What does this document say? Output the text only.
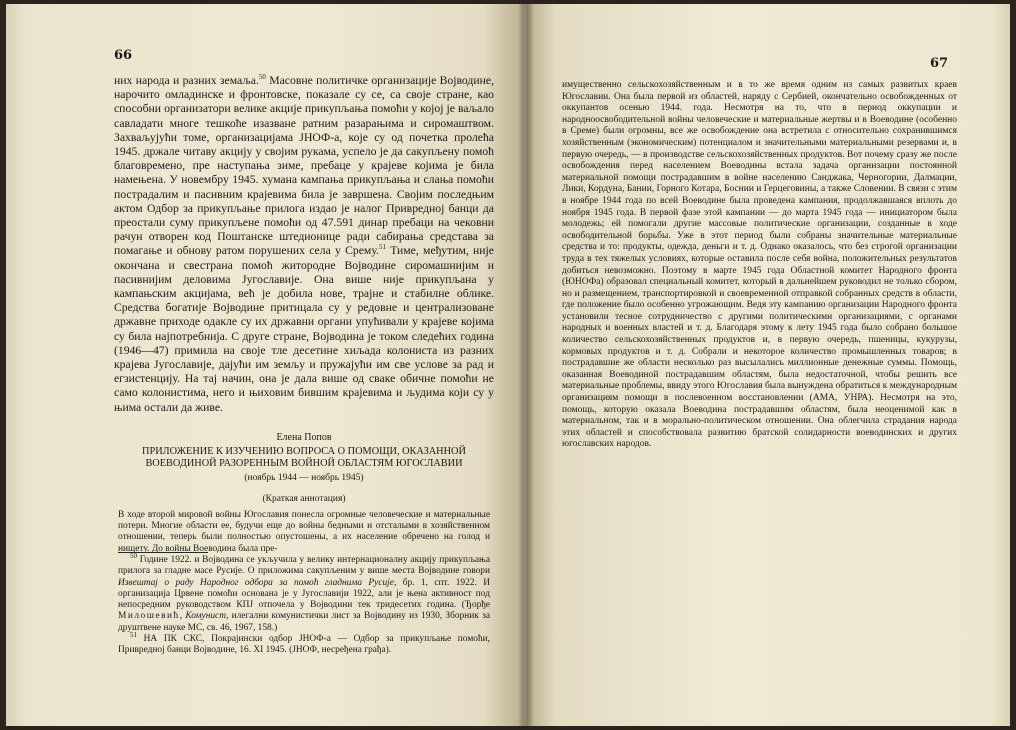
66

них народа и разних земаља.$^{50}$ Масовне политичке организације Војводине, нарочито омладинске и фронтовске, показале су се, са своје стране, као способни организатори велике акције прикупљања помоћи у којој је ваљало савладати многе тешкоће изазване ратним разарањима и сиромаштвом. Захваљујући томе, организацијама ЈНОФ-а, које су од почетка пролећа 1945. држале читаву акцију у својим рукама, успело је да сакупљену помоћ благовремено, пре наступања зиме, пребаце у крајеве којима је била намењена. У новембру 1945. хумана кампања прикупљања и слања помоћи пострадалим и пасивним крајевима била је завршена. Својим последњим актом Одбор за прикупљање прилога издао је налог Привредној банци да преостали суму прикупљене помоћи од 47.591 динар пребаци на чековни рачун отворен код Поштанске штедионице ради сабирања средстава за помагање и обнову ратом порушених села у Срему.$^{51}$ Тиме, међутим, није окончана и свестрана помоћ житороднe Војводине сиромашнијим и пасивнијим деловима Југославије. Она више није прикупљана у кампањским акцијама, већ је добила нове, трајне и стабилне облике. Средства богатије Војводине притицала су у редовне и централизоване државне приходе одакле су их државни органи упућивали у крајеве којима су била најпотребнија. С друге стране, Војводина је током следећих година (1946—47) примила на своје тле десетине хиљада колониста из разних крајева Југославије, дајући им земљу и пружајући им све услове за рад и егзистенцију. На тај начин, она је дала више од сваке обичне помоћи не само колонистима, него и њиховим бившим крајевима и људима који су у њима остали да живе.

Елена Попов
ПРИЛОЖЕНИЕ К ИЗУЧЕНИЮ ВОПРОСА О ПОМОЩИ, ОКАЗАННОЙ ВОЕВОДИНОЙ РАЗОРЕННЫМ ВОЙНОЙ ОБЛАСТЯМ ЮГОСЛАВИИ
(ноябрь 1944 — ноябрь 1945)
(Краткая аннотация)

В ходе второй мировой войны Югославия понесла огромные человеческие и материальные потери. Многие области ее, будучи еще до войны бедными и отсталыми в хозяйственном отношении, теперь были полностью опустошены, а их население обречено на голод и нищету. До войны Воеводина была пре-

$^{50}$ Године 1922. и Војводина се укључила у велику интернационалну акцију прикупљања прилога за гладне масе Русије. О приложима сакупљеним у више места Војводине говори Извештај о раду Народног одбора за помоћ гладнима Русије, бр. 1, спт. 1922. И организација Црвене помоћи основана је у Југославији 1922, али је њена активност под непосредним руководством КПЈ отпочела у Војводини тек тридесетих година. (Ђорђе Милошевић, Комунист, илегални комунистички лист за Војводину из 1930, Зборник за друштвене науке МС, св. 46, 1967, 158.)

$^{51}$ НА ПК СКС, Покрајински одбор ЈНОФ-а — Одбор за прикупљање помоћи, Привредној банци Војводине, 16. XI 1945. (ЈНОФ, несређена грађа).

67

имущественно сельскохозяйственным и в то же время одним из самых развитых краев Югославии. Она была первой из областей, наряду с Сербией, окончательно освобожденных от оккупантов осенью 1944. года. Несмотря на то, что в период оккупации и народноосвободительной войны человеческие и материальные жертвы и в Воеводине (особенно в Среме) были огромны, все же освобождение она встретила с относительно сохранившимся хозяйственным (экономическим) потенциалом и значительными материальными резервами и, в первую очередь, — в производстве сельскохозяйственных продуктов. Вот почему сразу же после освобождения перед населением Воеводины встала задача организации постоянной материальной помощи пострадавшим в войне населению Санджака, Черногории, Далмации, Лики, Кордуна, Бании, Горного Котара, Боснии и Герцеговины, а также Словении. В связи с этим в ноябре 1944 года по всей Воеводине была проведена кампания, продолжавшаяся вплоть до ноября 1945 года. В первой фазе этой кампании — до марта 1945 года — инициатором была молодежь; ей помогали другие массовые политические организации, созданные в ходе освободительной борьбы. Уже в этот период были собраны значительные материальные средства и то: продукты, одежда, деньги и т. д. Однако оказалось, что без строгой организации труда в тех тяжелых условиях, которые оставила после себя война, положительных результатов добиться невозможно. Поэтому в марте 1945 года Областной комитет Народного фронта (ЮНОФа) образовал специальный комитет, который в дальнейшем руководил не только сбором, но и размещением, транспортировкой и своевременной отправкой собранных средств в области, где положение было особенно угрожающим. Ведя эту кампанию организации Народного фронта установили тесное сотрудничество с другими политическими организациями, с органами народных и военных властей и т. д. Благодаря этому к лету 1945 года было собрано большое количество сельскохозяйственных продуктов и, в первую очередь, пшеницы, кукурузы, кормовых продуктов и т. д. Собрали и некоторое количество промышленных товаров; в пострадавшие же области несколько раз высылались миллионные денежные суммы. Помощь, оказанная Воеводиной пострадавшим областям, была недостаточной, чтобы решить все материальные проблемы, ввиду этого Югославия была вынуждена обратиться к международным организациям помощи в послевоенном восстановлении (АМА, УНРА). Несмотря на это, помощь, которую оказала Воеводина пострадавшим областям, была неоценимой как в материальном, так и в морально-политическом отношении. Она облегчила страдания народа этих областей и способствовала развитию братской солидарности воеводинских и других югославских народов.
